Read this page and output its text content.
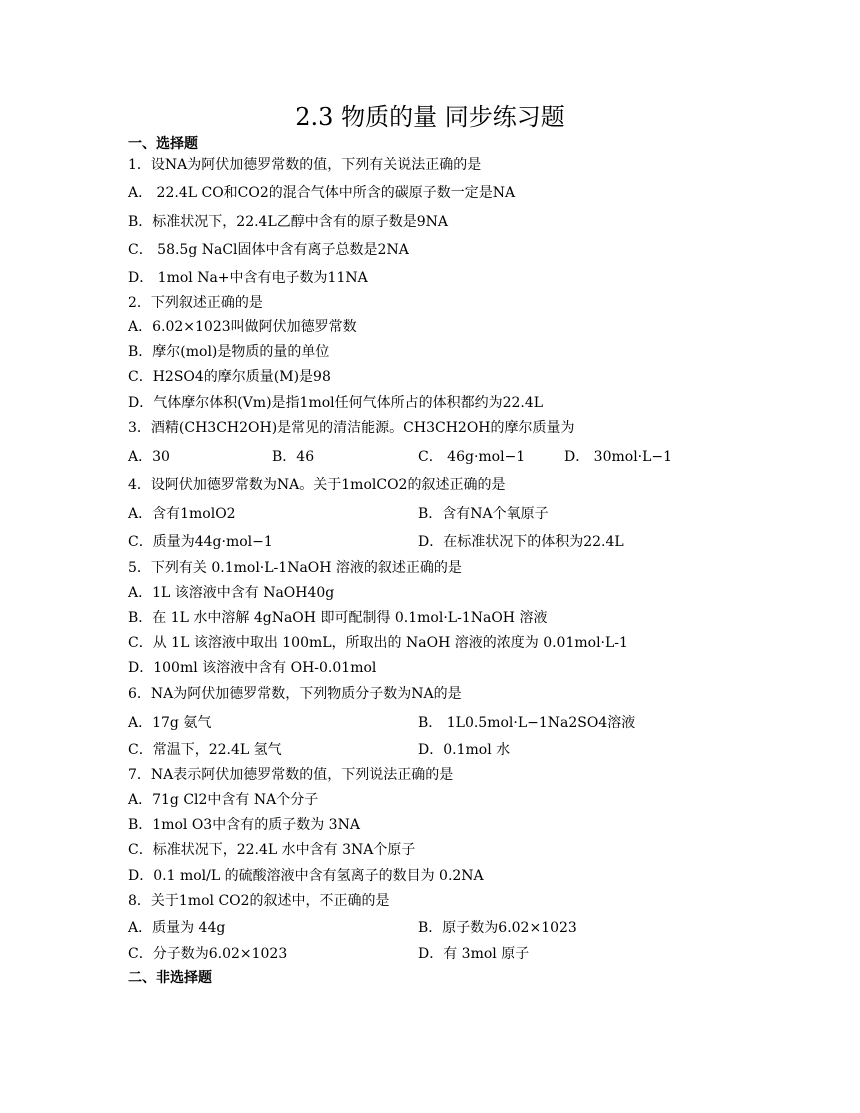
2.3 物质的量 同步练习题
一、选择题
1．设NA为阿伏加德罗常数的值，下列有关说法正确的是
A． 22.4L CO和CO2的混合气体中所含的碳原子数一定是NA
B．标准状况下，22.4L乙醇中含有的原子数是9NA
C． 58.5g NaCl固体中含有离子总数是2NA
D． 1mol Na+中含有电子数为11NA
2．下列叙述正确的是
A．6.02×1023叫做阿伏加德罗常数
B．摩尔(mol)是物质的量的单位
C．H2SO4的摩尔质量(M)是98
D．气体摩尔体积(Vm)是指1mol任何气体所占的体积都约为22.4L
3．酒精(CH3CH2OH)是常见的清洁能源。CH3CH2OH的摩尔质量为
A．30	B．46	C． 46g·mol−1	D． 30mol·L−1
4．设阿伏加德罗常数为NA。关于1molCO2的叙述正确的是
A．含有1molO2	B．含有NA个氧原子
C．质量为44g·mol−1	D．在标准状况下的体积为22.4L
5．下列有关 0.1mol·L-1NaOH 溶液的叙述正确的是
A．1L 该溶液中含有 NaOH40g
B．在 1L 水中溶解 4gNaOH 即可配制得 0.1mol·L-1NaOH 溶液
C．从 1L 该溶液中取出 100mL，所取出的 NaOH 溶液的浓度为 0.01mol·L-1
D．100ml 该溶液中含有 OH-0.01mol
6．NA为阿伏加德罗常数，下列物质分子数为NA的是
A．17g 氨气	B． 1L0.5mol·L−1Na2SO4溶液
C．常温下，22.4L 氢气	D．0.1mol 水
7．NA表示阿伏加德罗常数的值，下列说法正确的是
A．71g Cl2中含有 NA个分子
B．1mol O3中含有的质子数为 3NA
C．标准状况下，22.4L 水中含有 3NA个原子
D．0.1 mol/L 的硫酸溶液中含有氢离子的数目为 0.2NA
8．关于1mol CO2的叙述中，不正确的是
A．质量为 44g	B．原子数为6.02×1023
C．分子数为6.02×1023	D．有 3mol 原子
二、非选择题
